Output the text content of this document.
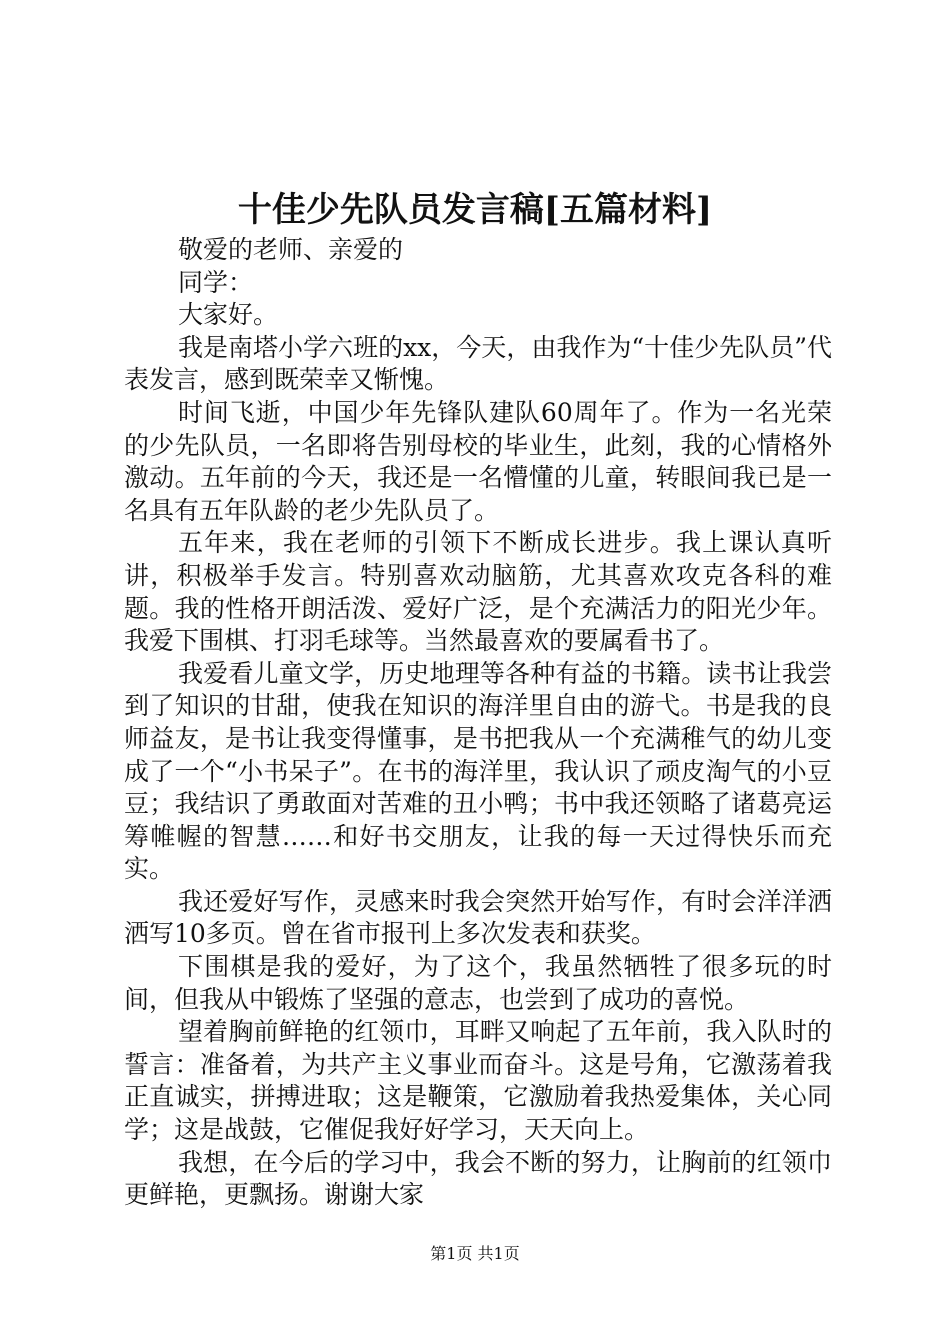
十佳少先队员发言稿[五篇材料]

敬爱的老师、亲爱的

同学：

大家好。

我是南塔小学六班的xx，今天，由我作为“十佳少先队员”代表发言，感到既荣幸又惭愧。

时间飞逝，中国少年先锋队建队60周年了。作为一名光荣的少先队员，一名即将告别母校的毕业生，此刻，我的心情格外激动。五年前的今天，我还是一名懵懂的儿童，转眼间我已是一名具有五年队龄的老少先队员了。

五年来，我在老师的引领下不断成长进步。我上课认真听讲，积极举手发言。特别喜欢动脑筋，尤其喜欢攻克各科的难题。我的性格开朗活泼、爱好广泛，是个充满活力的阳光少年。我爱下围棋、打羽毛球等。当然最喜欢的要属看书了。

我爱看儿童文学，历史地理等各种有益的书籍。读书让我尝到了知识的甘甜，使我在知识的海洋里自由的游弋。书是我的良师益友，是书让我变得懂事，是书把我从一个充满稚气的幼儿变成了一个“小书呆子”。在书的海洋里，我认识了顽皮淘气的小豆豆；我结识了勇敢面对苦难的丑小鸭；书中我还领略了诸葛亮运筹帷幄的智慧……和好书交朋友，让我的每一天过得快乐而充实。

我还爱好写作，灵感来时我会突然开始写作，有时会洋洋洒洒写10多页。曾在省市报刊上多次发表和获奖。

下围棋是我的爱好，为了这个，我虽然牺牲了很多玩的时间，但我从中锻炼了坚强的意志，也尝到了成功的喜悦。

望着胸前鲜艳的红领巾，耳畔又响起了五年前，我入队时的誓言：准备着，为共产主义事业而奋斗。这是号角，它激荡着我正直诚实，拼搏进取；这是鞭策，它激励着我热爱集体，关心同学；这是战鼓，它催促我好好学习，天天向上。

我想，在今后的学习中，我会不断的努力，让胸前的红领巾更鲜艳，更飘扬。谢谢大家

第1页 共1页
